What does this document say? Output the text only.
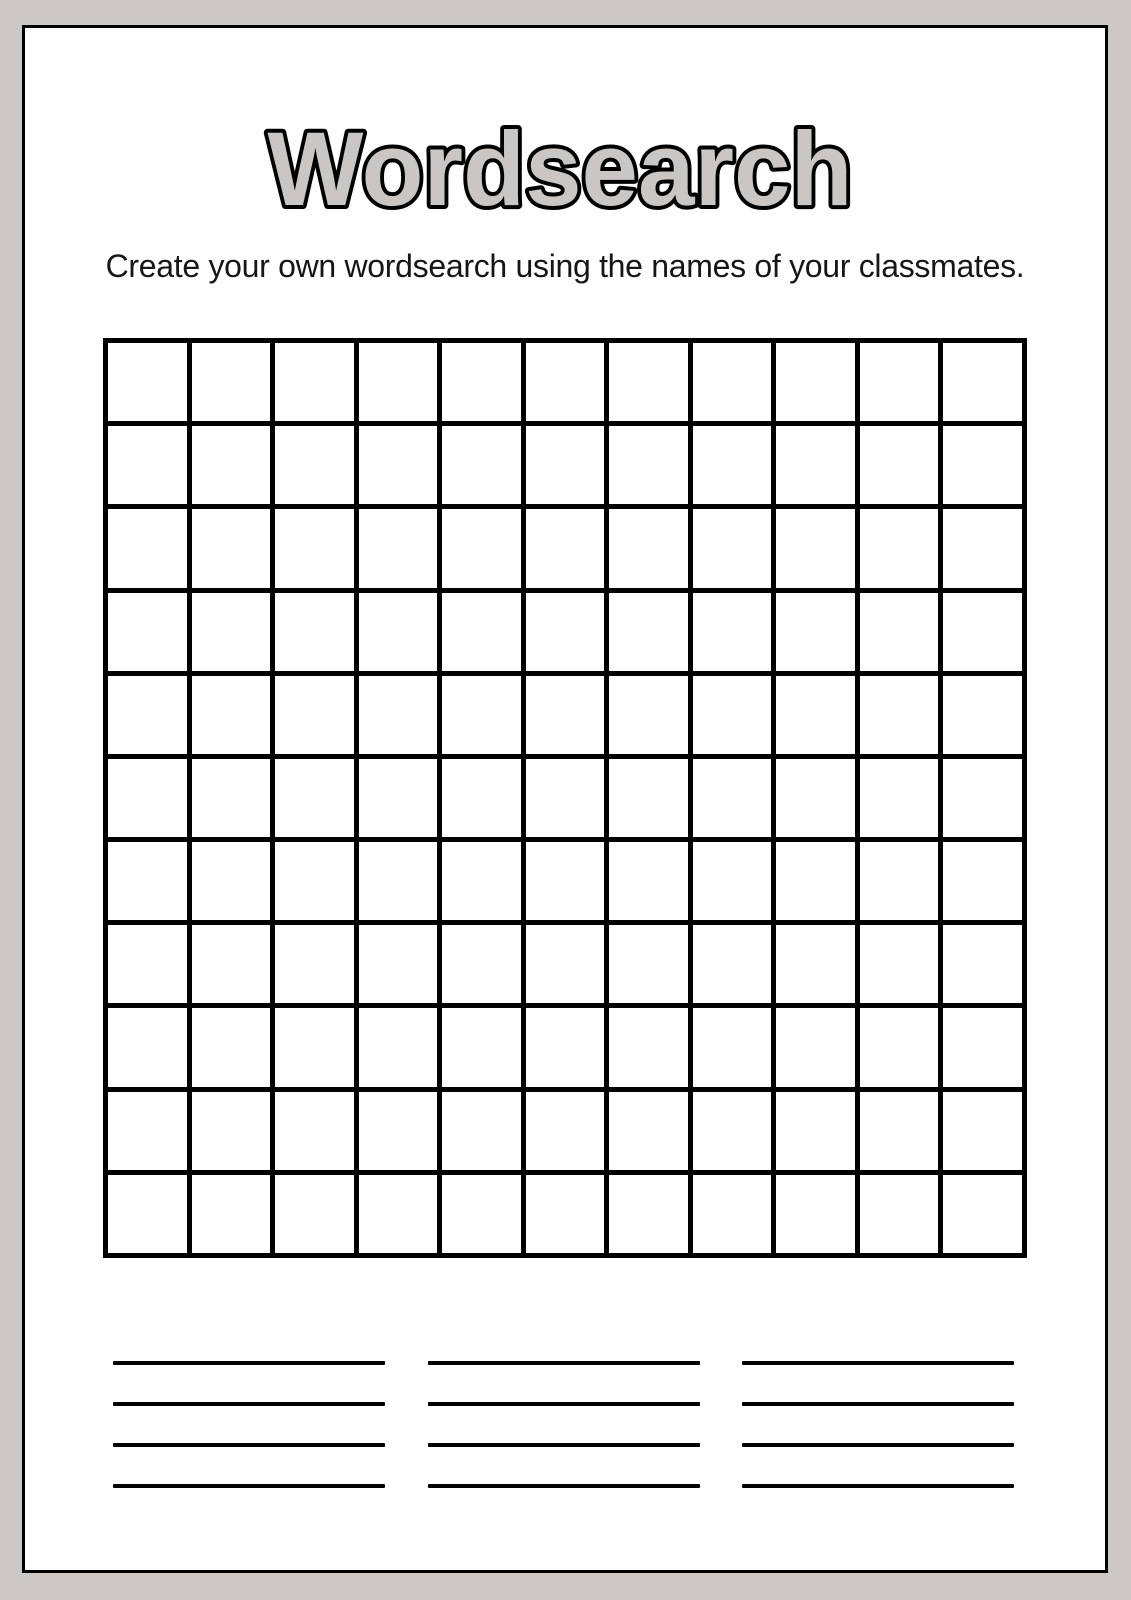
Wordsearch

Create your own wordsearch using the names of your classmates.
